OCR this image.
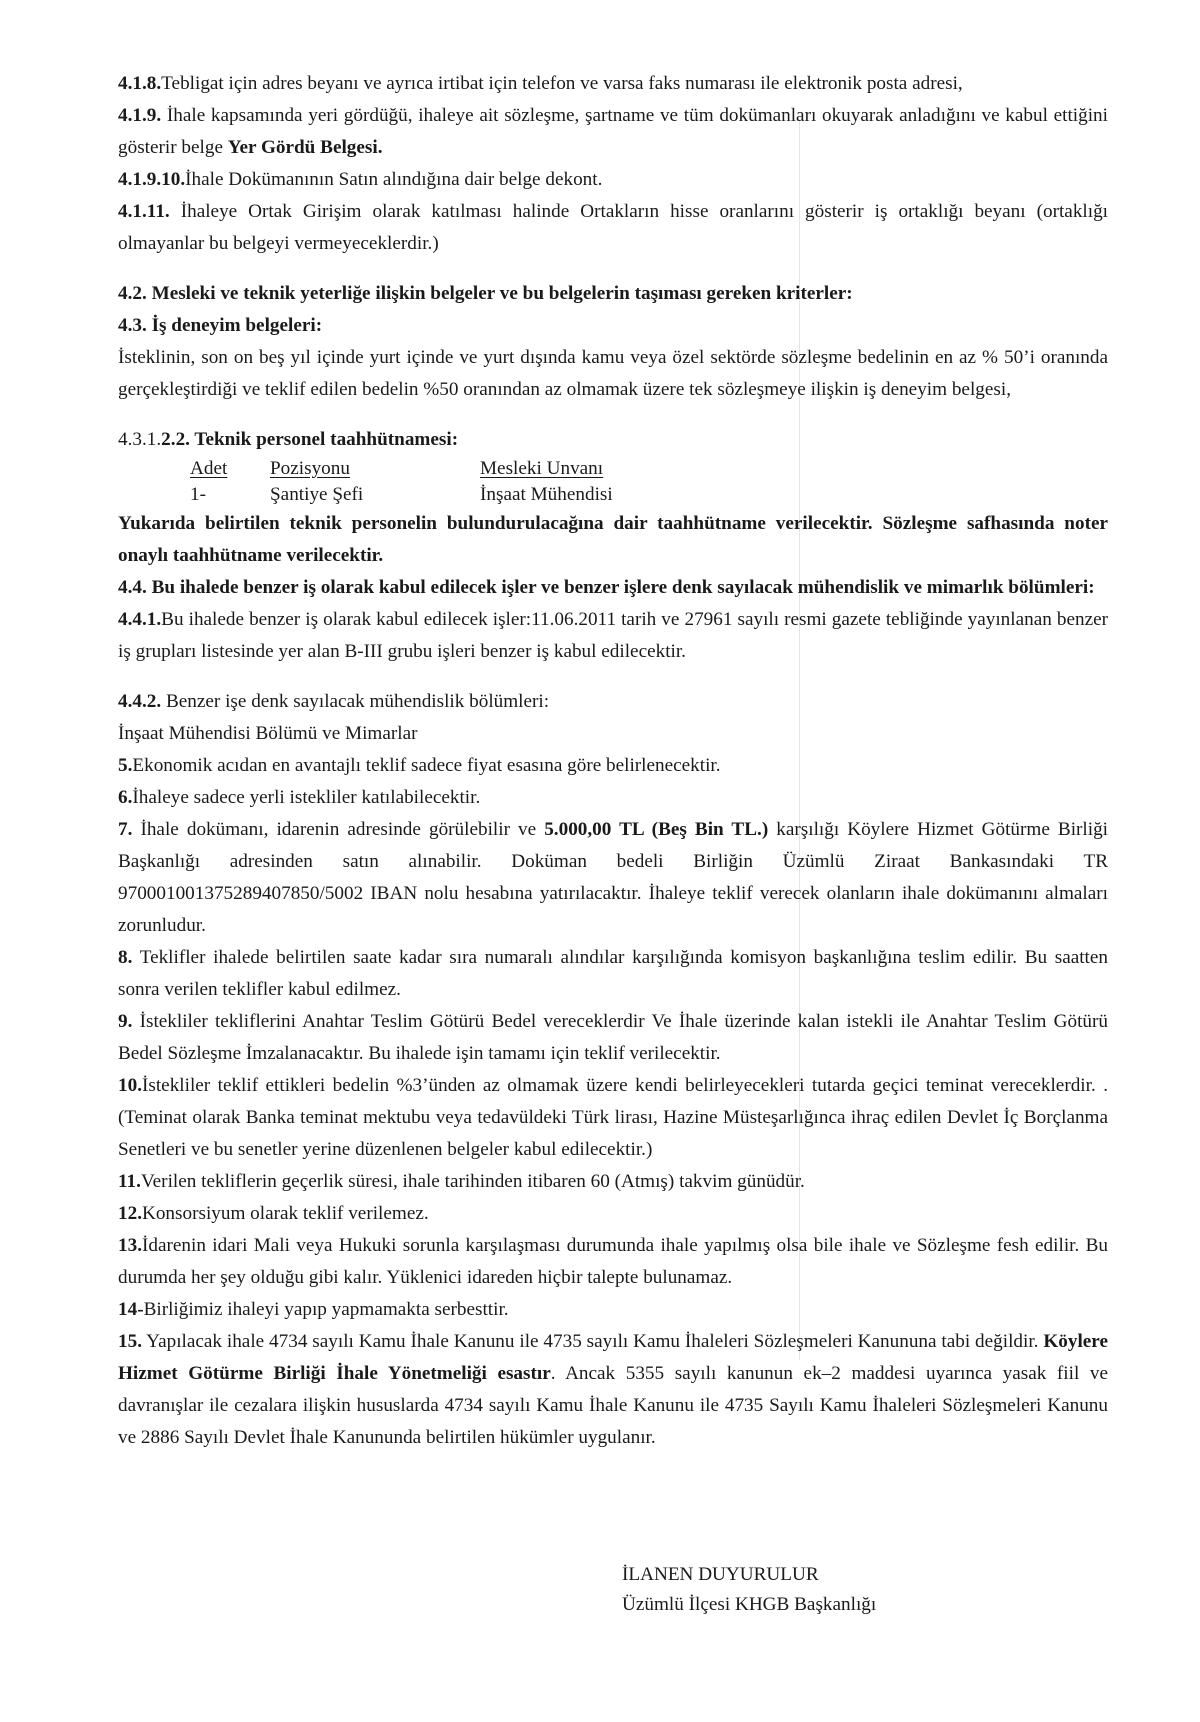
4.1.8.Tebligat için adres beyanı ve ayrıca irtibat için telefon ve varsa faks numarası ile elektronik posta adresi,

4.1.9. İhale kapsamında yeri gördüğü, ihaleye ait sözleşme, şartname ve tüm dokümanları okuyarak anladığını ve kabul ettiğini gösterir belge Yer Gördü Belgesi.

4.1.9.10.İhale Dokümanının Satın alındığına dair belge dekont.

4.1.11. İhaleye Ortak Girişim olarak katılması halinde Ortakların hisse oranlarını gösterir iş ortaklığı beyanı (ortaklığı olmayanlar bu belgeyi vermeyeceklerdir.)

4.2. Mesleki ve teknik yeterliğe ilişkin belgeler ve bu belgelerin taşıması gereken kriterler:

4.3. İş deneyim belgeleri:

İsteklinin, son on beş yıl içinde yurt içinde ve yurt dışında kamu veya özel sektörde sözleşme bedelinin en az % 50’i oranında gerçekleştirdiği ve teklif edilen bedelin %50 oranından az olmamak üzere tek sözleşmeye ilişkin iş deneyim belgesi,

4.3.1.2.2. Teknik personel taahhütnamesi:

Adet	Pozisyonu	Mesleki Unvanı
1-	Şantiye Şefi	İnşaat Mühendisi

Yukarıda belirtilen teknik personelin bulundurulacağına dair taahhütname verilecektir. Sözleşme safhasında noter onaylı taahhütname verilecektir.

4.4. Bu ihalede benzer iş olarak kabul edilecek işler ve benzer işlere denk sayılacak mühendislik ve mimarlık bölümleri:

4.4.1.Bu ihalede benzer iş olarak kabul edilecek işler:11.06.2011 tarih ve 27961 sayılı resmi gazete tebliğinde yayınlanan benzer iş grupları listesinde yer alan B-III grubu işleri benzer iş kabul edilecektir.

4.4.2. Benzer işe denk sayılacak mühendislik bölümleri:

İnşaat Mühendisi Bölümü ve Mimarlar

5.Ekonomik acıdan en avantajlı teklif sadece fiyat esasına göre belirlenecektir.

6.İhaleye sadece yerli istekliler katılabilecektir.

7. İhale dokümanı, idarenin adresinde görülebilir ve 5.000,00 TL (Beş Bin TL.) karşılığı Köylere Hizmet Götürme Birliği Başkanlığı adresinden satın alınabilir. Doküman bedeli Birliğin Üzümlü Ziraat Bankasındaki TR 970001001375289407850/5002 IBAN nolu hesabına yatırılacaktır. İhaleye teklif verecek olanların ihale dokümanını almaları zorunludur.

8. Teklifler ihalede belirtilen saate kadar sıra numaralı alındılar karşılığında komisyon başkanlığına teslim edilir. Bu saatten sonra verilen teklifler kabul edilmez.

9. İstekliler tekliflerini Anahtar Teslim Götürü Bedel vereceklerdir Ve İhale üzerinde kalan istekli ile Anahtar Teslim Götürü Bedel Sözleşme İmzalanacaktır. Bu ihalede işin tamamı için teklif verilecektir.

10.İstekliler teklif ettikleri bedelin %3’ünden az olmamak üzere kendi belirleyecekleri tutarda geçici teminat vereceklerdir. .(Teminat olarak Banka teminat mektubu veya tedavüldeki Türk lirası, Hazine Müsteşarlığınca ihraç edilen Devlet İç Borçlanma Senetleri ve bu senetler yerine düzenlenen belgeler kabul edilecektir.)

11.Verilen tekliflerin geçerlik süresi, ihale tarihinden itibaren 60 (Atmış) takvim günüdür.

12.Konsorsiyum olarak teklif verilemez.

13.İdarenin idari Mali veya Hukuki sorunla karşılaşması durumunda ihale yapılmış olsa bile ihale ve Sözleşme fesh edilir. Bu durumda her şey olduğu gibi kalır. Yüklenici idareden hiçbir talepte bulunamaz.

14-Birliğimiz ihaleyi yapıp yapmamakta serbesttir.

15. Yapılacak ihale 4734 sayılı Kamu İhale Kanunu ile 4735 sayılı Kamu İhaleleri Sözleşmeleri Kanununa tabi değildir. Köylere Hizmet Götürme Birliği İhale Yönetmeliği esastır. Ancak 5355 sayılı kanunun ek–2 maddesi uyarınca yasak fiil ve davranışlar ile cezalara ilişkin hususlarda 4734 sayılı Kamu İhale Kanunu ile 4735 Sayılı Kamu İhaleleri Sözleşmeleri Kanunu ve 2886 Sayılı Devlet İhale Kanununda belirtilen hükümler uygulanır.

İLANEN DUYURULUR

Üzümlü İlçesi KHGB Başkanlığı
